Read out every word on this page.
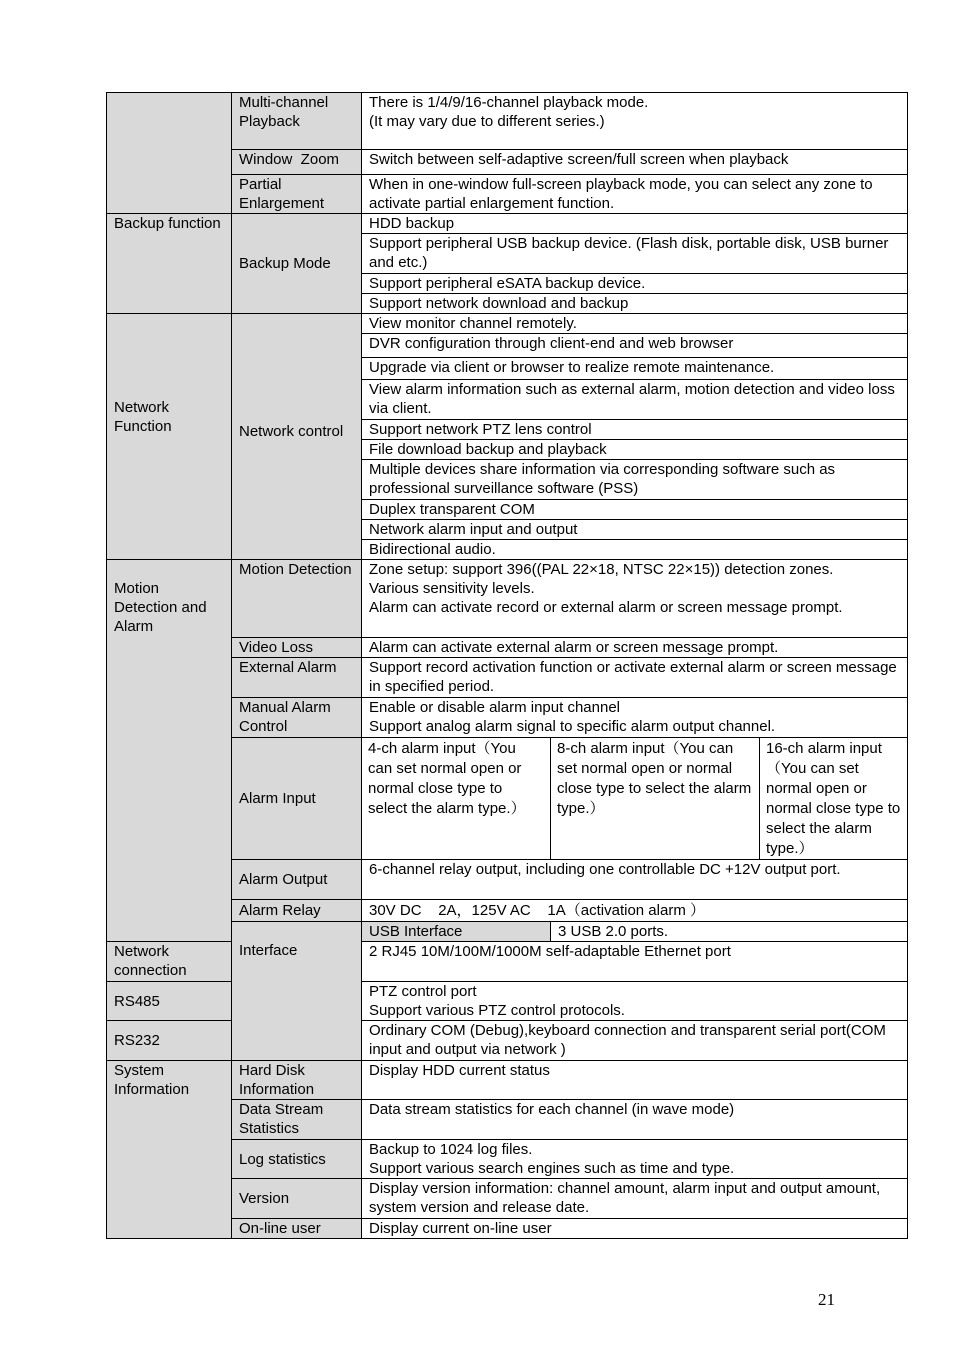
	Multi-channel Playback	There is 1/4/9/16-channel playback mode.
(It may vary due to different series.)		

	Window  Zoom	Switch between self-adaptive screen/full screen when playback		
	Partial Enlargement	When in one-window full-screen playback mode, you can select any zone to activate partial enlargement function.		
Backup function	Backup Mode	HDD backup		
		Support peripheral USB backup device. (Flash disk, portable disk, USB burner and etc.)		
		Support peripheral eSATA backup device.		
		Support network download and backup		
Network Function	Network control	View monitor channel remotely.		
		DVR configuration through client-end and web browser		
		Upgrade via client or browser to realize remote maintenance.		
		View alarm information such as external alarm, motion detection and video loss via client.		
		Support network PTZ lens control		
		File download backup and playback		
		Multiple devices share information via corresponding software such as professional surveillance software (PSS)		
		Duplex transparent COM		
		Network alarm input and output		
		Bidirectional audio.		

Motion Detection and Alarm	Motion Detection	Zone setup: support 396((PAL 22×18, NTSC 22×15)) detection zones.
Various sensitivity levels.
Alarm can activate record or external alarm or screen message prompt.		

	Video Loss	Alarm can activate external alarm or screen message prompt.		
	External Alarm	Support record activation function or activate external alarm or screen message in specified period.		
	Manual Alarm Control	Enable or disable alarm input channel
Support analog alarm signal to specific alarm output channel.		

	Alarm Input	4-ch alarm input（You can set normal open or normal close type to select the alarm type.）	8-ch alarm input（You can set normal open or normal close type to select the alarm type.）	16-ch alarm input（You can set normal open or normal close type to select the alarm type.）
	Alarm Output	6-channel relay output, including one controllable DC +12V output port.		
	Alarm Relay	30V DC    2A，125V AC    1A（activation alarm ）		

	Interface	USB Interface	3 USB 2.0 ports.	
Network connection		2 RJ45 10M/100M/1000M self-adaptable Ethernet port		
RS485		PTZ control port
Support various PTZ control protocols.		

RS232		Ordinary COM (Debug),keyboard connection and transparent serial port(COM input and output via network )		
System Information	Hard Disk Information	Display HDD current status		
	Data Stream Statistics	Data stream statistics for each channel (in wave mode)		
	Log statistics	Backup to 1024 log files.
Support various search engines such as time and type.		

	Version	Display version information: channel amount, alarm input and output amount, system version and release date.		
	On-line user	Display current on-line user		
21
